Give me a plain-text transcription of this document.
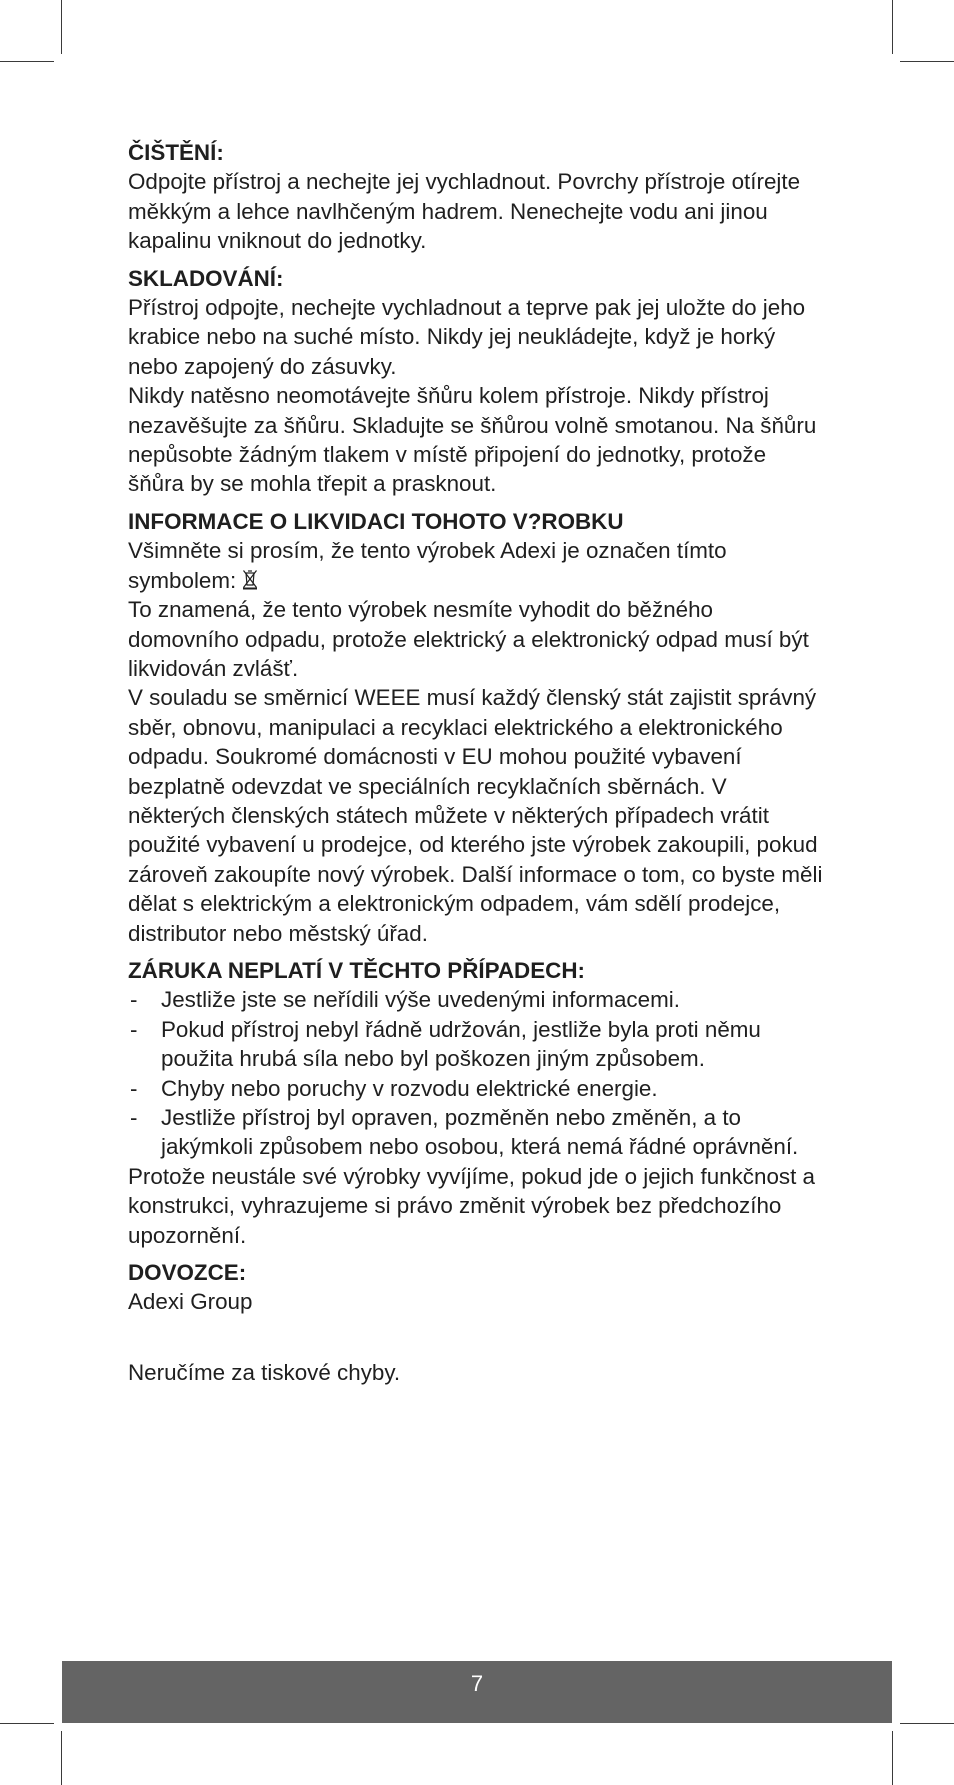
ČIŠTĚNÍ:

Odpojte přístroj a nechejte jej vychladnout. Povrchy přístroje otírejte měkkým a lehce navlhčeným hadrem. Nenechejte vodu ani jinou kapalinu vniknout do jednotky.

SKLADOVÁNÍ:

Přístroj odpojte, nechejte vychladnout a teprve pak jej uložte do jeho krabice nebo na suché místo. Nikdy jej neukládejte, když je horký nebo zapojený do zásuvky.

Nikdy natěsno neomotávejte šňůru kolem přístroje. Nikdy přístroj nezavěšujte za šňůru. Skladujte se šňůrou volně smotanou. Na šňůru nepůsobte žádným tlakem v místě připojení do jednotky, protože šňůra by se mohla třepit a prasknout.

INFORMACE O LIKVIDACI TOHOTO V?ROBKU

Všimněte si prosím, že tento výrobek Adexi je označen tímto symbolem:

To znamená, že tento výrobek nesmíte vyhodit do běžného domovního odpadu, protože elektrický a elektronický odpad musí být likvidován zvlášť.

V souladu se směrnicí WEEE musí každý členský stát zajistit správný sběr, obnovu, manipulaci a recyklaci elektrického a elektronického odpadu. Soukromé domácnosti v EU mohou použité vybavení bezplatně odevzdat ve speciálních recyklačních sběrnách. V některých členských státech můžete v některých případech vrátit použité vybavení u prodejce, od kterého jste výrobek zakoupili, pokud zároveň zakoupíte nový výrobek. Další informace o tom, co byste měli dělat s elektrickým a elektronickým odpadem, vám sdělí prodejce, distributor nebo městský úřad.

ZÁRUKA NEPLATÍ V TĚCHTO PŘÍPADECH:

- Jestliže jste se neřídili výše uvedenými informacemi.
- Pokud přístroj nebyl řádně udržován, jestliže byla proti němu použita hrubá síla nebo byl poškozen jiným způsobem.
- Chyby nebo poruchy v rozvodu elektrické energie.
- Jestliže přístroj byl opraven, pozměněn nebo změněn, a to jakýmkoli způsobem nebo osobou, která nemá řádné oprávnění.

Protože neustále své výrobky vyvíjíme, pokud jde o jejich funkčnost a konstrukci, vyhrazujeme si právo změnit výrobek bez předchozího upozornění.

DOVOZCE:

Adexi Group

Neručíme za tiskové chyby.

7
